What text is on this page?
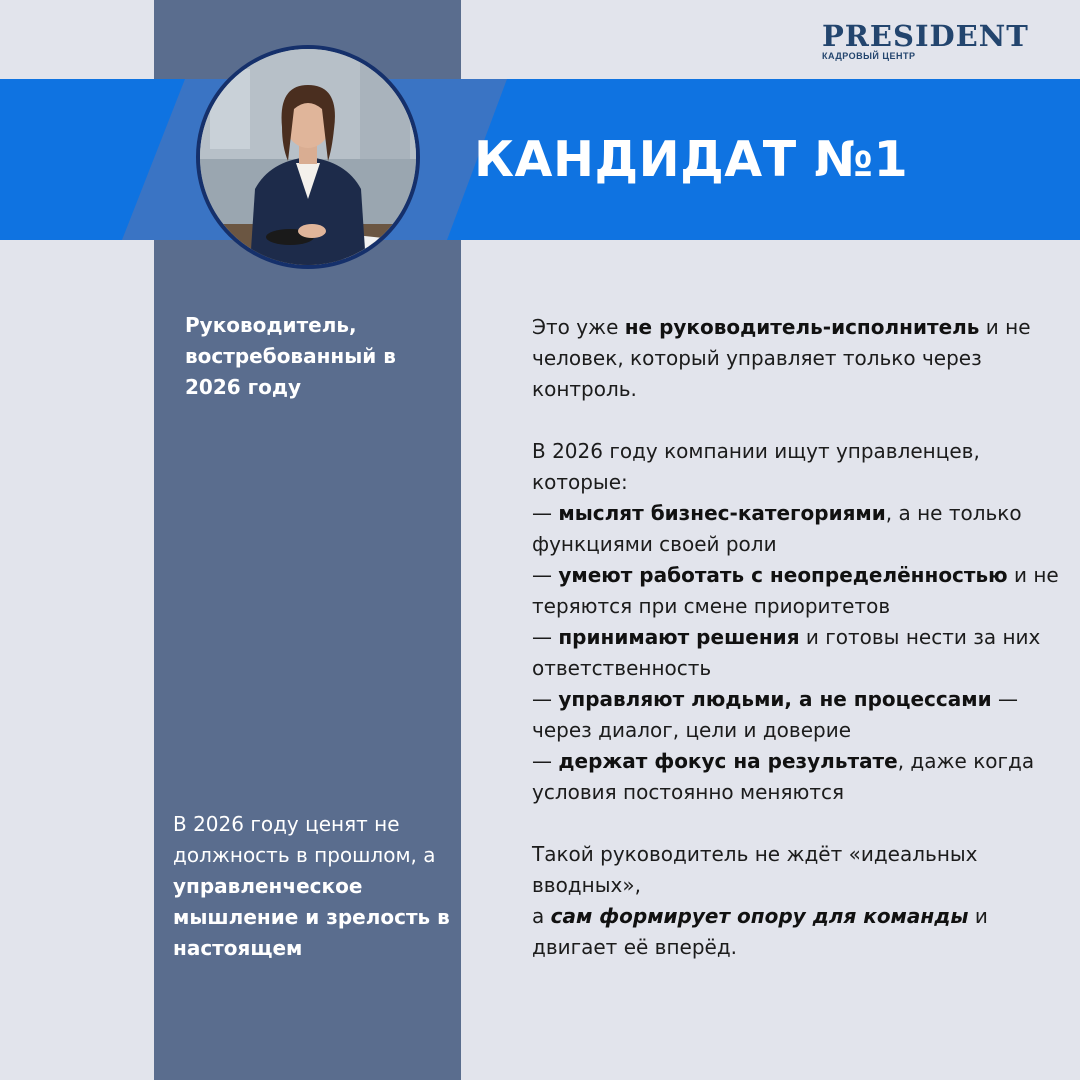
PRESIDENT
КАДРОВЫЙ ЦЕНТР
КАНДИДАТ №1

Руководитель, востребованный в 2026 году

В 2026 году ценят не должность в прошлом, а управленческое мышление и зрелость в настоящем

Это уже не руководитель-исполнитель и не человек, который управляет только через контроль.

В 2026 году компании ищут управленцев, которые:

— мыслят бизнес-категориями, а не только функциями своей роли

— умеют работать с неопределённостью и не теряются при смене приоритетов

— принимают решения и готовы нести за них ответственность

— управляют людьми, а не процессами — через диалог, цели и доверие

— держат фокус на результате, даже когда условия постоянно меняются

Такой руководитель не ждёт «идеальных вводных»,

а сам формирует опору для команды и двигает её вперёд.
